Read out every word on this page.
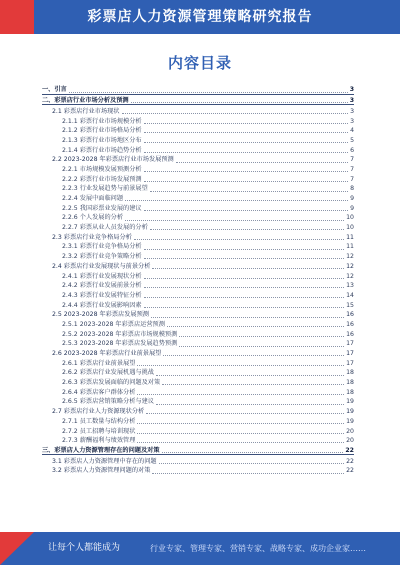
彩票店人力资源管理策略研究报告
内容目录
一、引言	3
二、彩票店行业市场分析及预测	3
2.1 彩票店行业市场现状	3
2.1.1 彩票行业市场规模分析	3
2.1.2 彩票行业市场格局分析	4
2.1.3 彩票行业市场地区分布	5
2.1.4 彩票行业市场趋势分析	6
2.2 2023-2028 年彩票店行业市场发展预测	7
2.2.1 市场规模发展预测分析	7
2.2.2 彩票行业市场发展预测	7
2.2.3 行业发展趋势与前景展望	8
2.2.4 发展中面临问题	9
2.2.5 我国彩票业发展的建议	9
2.2.6 个人发展的分析	10
2.2.7 彩票从业人员发展的分析	10
2.3 彩票店行业竞争格局分析	11
2.3.1 彩票行业竞争格局分析	11
2.3.2 彩票行业竞争策略分析	12
2.4 彩票店行业发展现状与前景分析	12
2.4.1 彩票行业发展现状分析	12
2.4.2 彩票行业发展前景分析	13
2.4.3 彩票行业发展特征分析	14
2.4.4 彩票行业发展影响因素	15
2.5 2023-2028 年彩票店发展预测	16
2.5.1 2023-2028 年彩票店运营预测	16
2.5.2 2023-2028 年彩票店市场规模预测	16
2.5.3 2023-2028 年彩票店发展趋势预测	17
2.6 2023-2028 年彩票店行业前景展望	17
2.6.1 彩票店行业前景展望	17
2.6.2 彩票店行业发展机遇与挑战	18
2.6.3 彩票店发展面临的问题及对策	18
2.6.4 彩票店客户群体分析	18
2.6.5 彩票店营销策略分析与建议	19
2.7 彩票店行业人力资源现状分析	19
2.7.1 员工数量与结构分析	19
2.7.2 员工招聘与培训现状	20
2.7.3 薪酬福利与绩效管理	20
三、彩票店人力资源管理存在的问题及对策	22
3.1 彩票店人力资源管理中存在的问题	22
3.2 彩票店人力资源管理问题的对策	22
让每个人都能成为	行业专家、管理专家、营销专家、战略专家、成功企业家……
